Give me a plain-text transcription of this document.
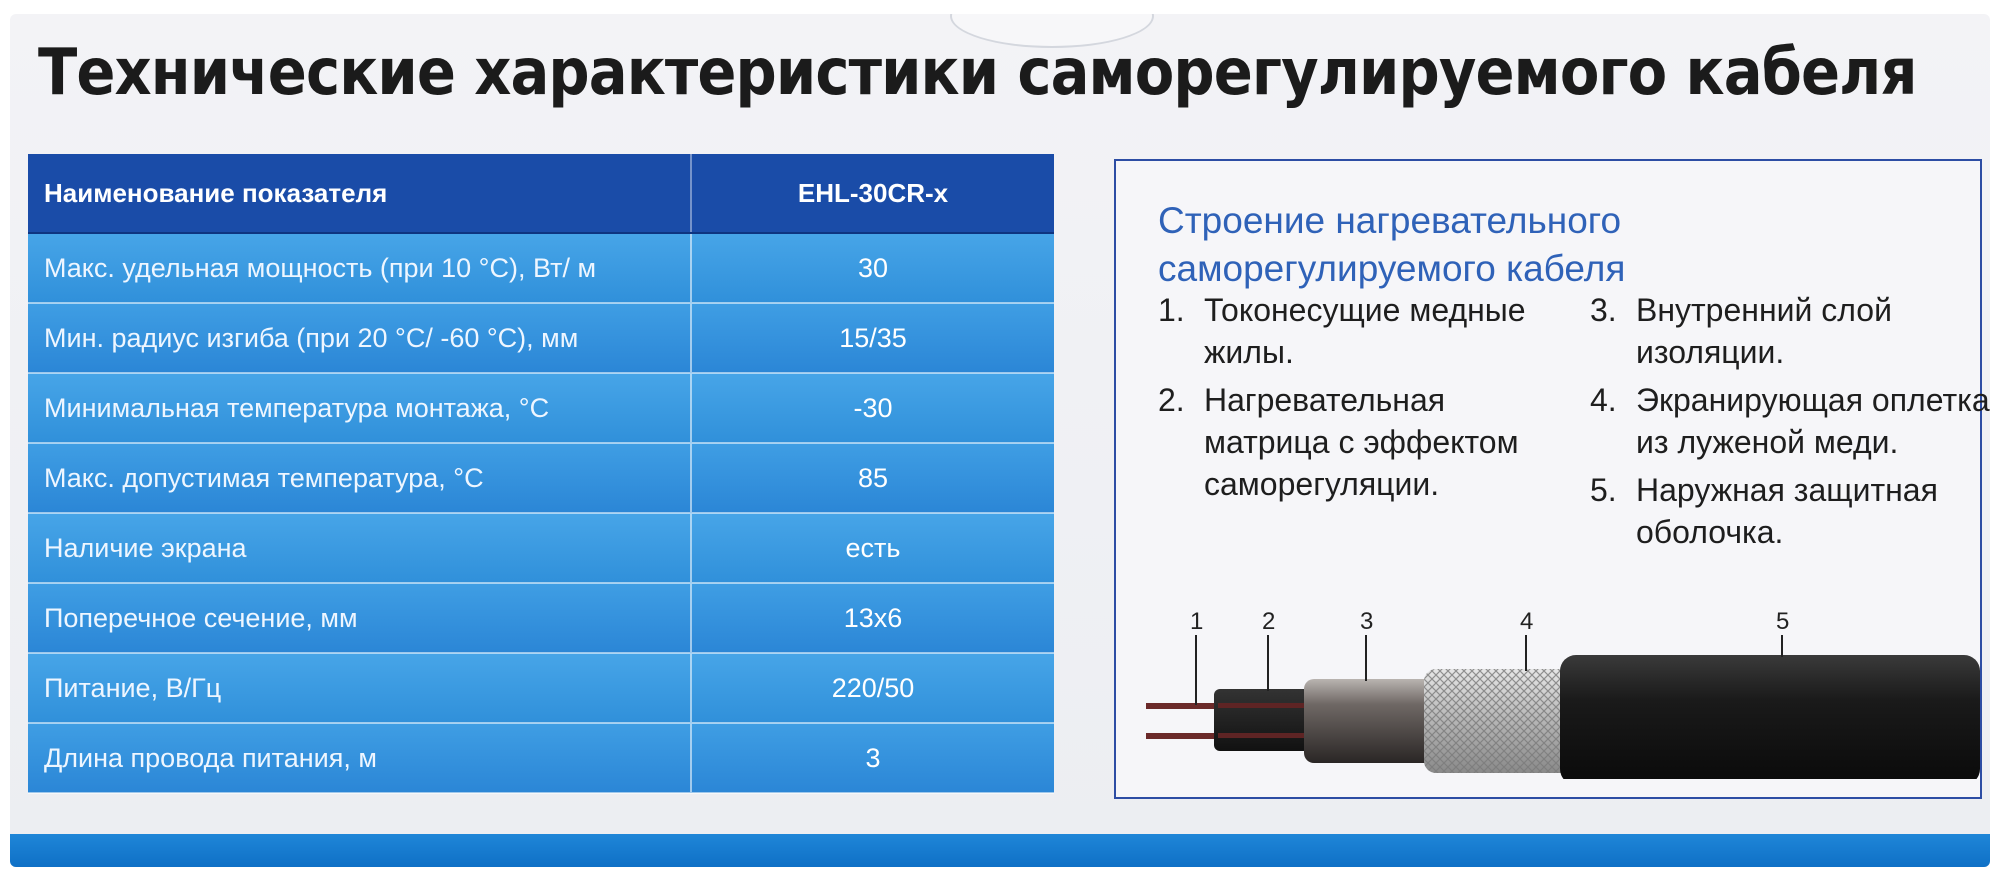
Технические характеристики саморегулируемого кабеля
Наименование показателя	EHL-30CR-x
Макс. удельная мощность (при 10 °С), Вт/ м	30
Мин. радиус изгиба (при 20 °С/ -60 °С), мм	15/35
Минимальная температура монтажа, °С	-30
Макс. допустимая температура, °С	85
Наличие экрана	есть
Поперечное сечение, мм	13х6
Питание, В/Гц	220/50
Длина провода питания, м	3
Строение нагревательного
саморегулируемого кабеля
1. Токонесущие медные
жилы.
2. Нагревательная
матрица с эффектом
саморегуляции.
3. Внутренний слой
изоляции.
4. Экранирующая оплетка
из луженой меди.
5. Наружная защитная
оболочка.
1 2	3	4	5
